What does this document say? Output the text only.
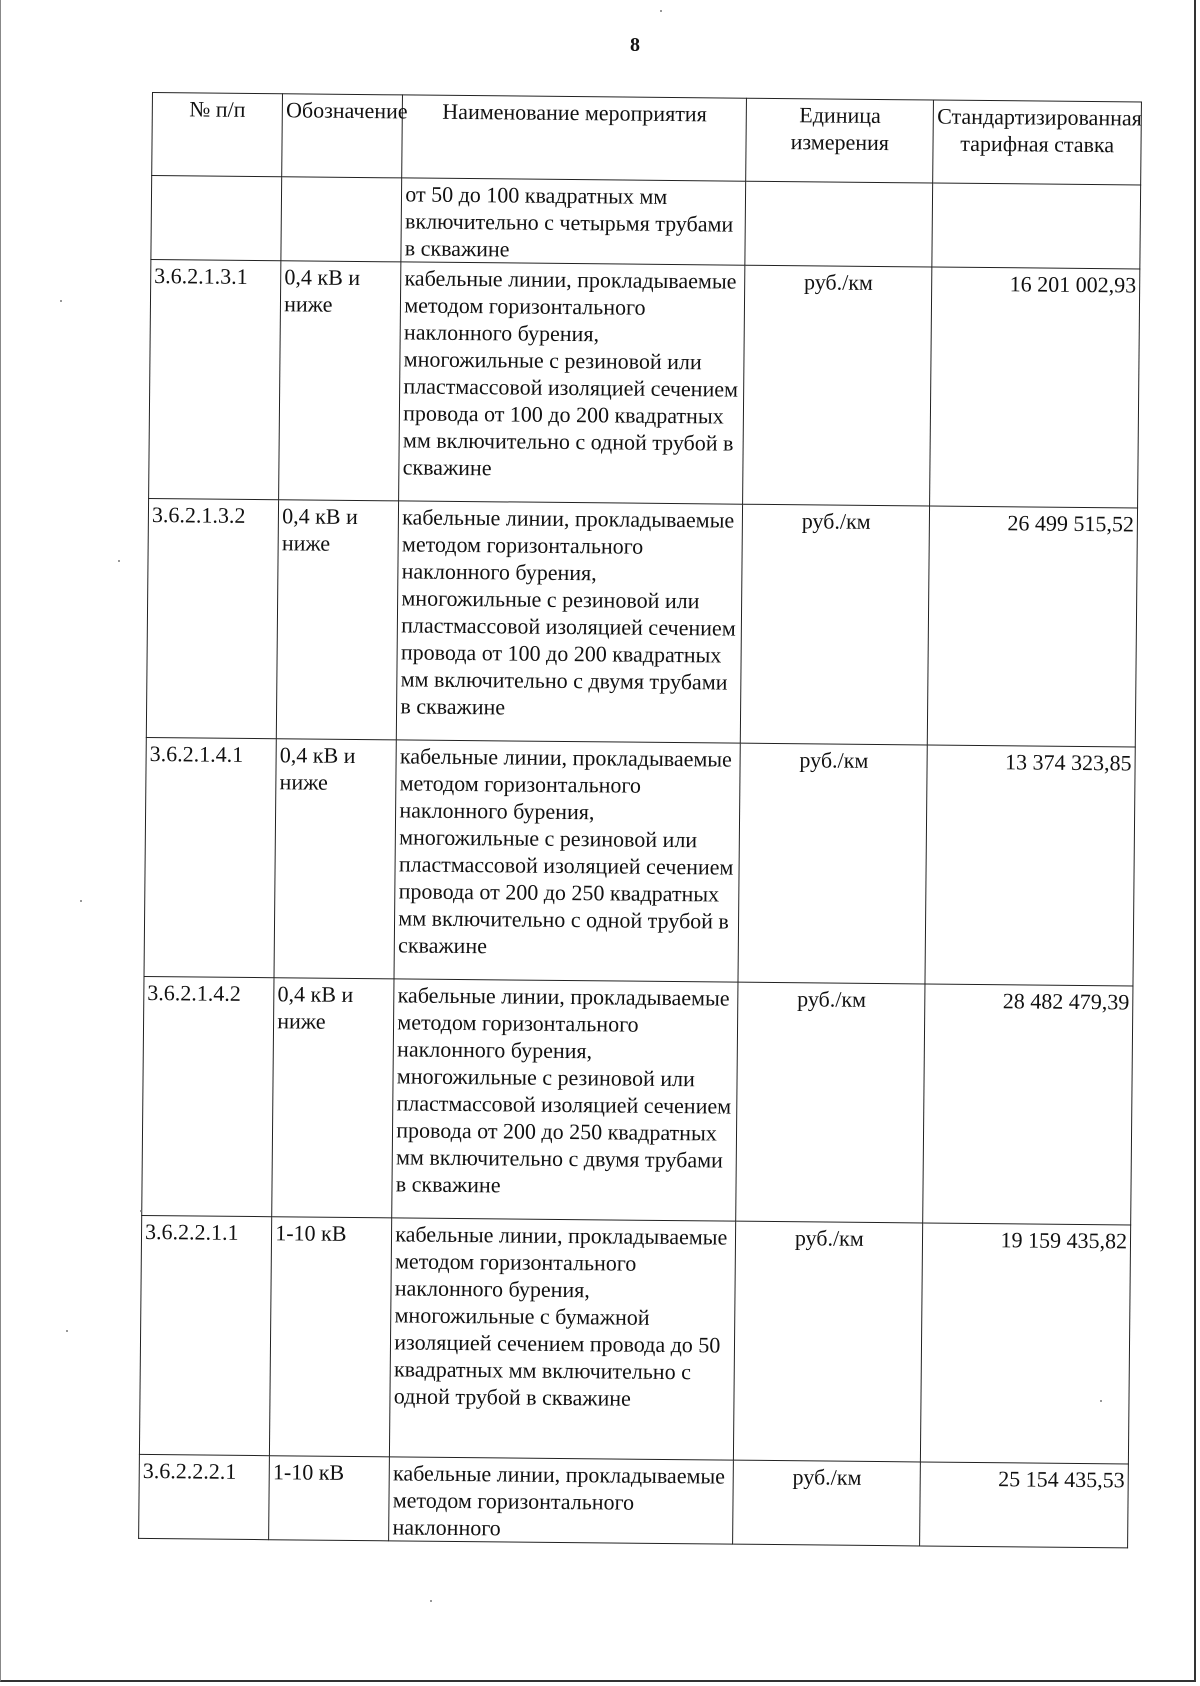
8
№ п/п	Обозначение	Наименование мероприятия	Единица измерения	Стандартизированная тарифная ставка
		от 50 до 100 квадратных мм включительно с четырьмя трубами в скважине		
3.6.2.1.3.1	0,4 кВ и ниже	кабельные линии, прокладываемые методом горизонтального наклонного бурения, многожильные с резиновой или пластмассовой изоляцией сечением провода от 100 до 200 квадратных мм включительно с одной трубой в скважине	руб./км	16 201 002,93
3.6.2.1.3.2	0,4 кВ и ниже	кабельные линии, прокладываемые методом горизонтального наклонного бурения, многожильные с резиновой или пластмассовой изоляцией сечением провода от 100 до 200 квадратных мм включительно с двумя трубами в скважине	руб./км	26 499 515,52
3.6.2.1.4.1	0,4 кВ и ниже	кабельные линии, прокладываемые методом горизонтального наклонного бурения, многожильные с резиновой или пластмассовой изоляцией сечением провода от 200 до 250 квадратных мм включительно с одной трубой в скважине	руб./км	13 374 323,85
3.6.2.1.4.2	0,4 кВ и ниже	кабельные линии, прокладываемые методом горизонтального наклонного бурения, многожильные с резиновой или пластмассовой изоляцией сечением провода от 200 до 250 квадратных мм включительно с двумя трубами в скважине	руб./км	28 482 479,39
3.6.2.2.1.1	1-10 кВ	кабельные линии, прокладываемые методом горизонтального наклонного бурения, многожильные с бумажной изоляцией сечением провода до 50 квадратных мм включительно с одной трубой в скважине	руб./км	19 159 435,82
3.6.2.2.2.1	1-10 кВ	кабельные линии, прокладываемые методом горизонтального наклонного	руб./км	25 154 435,53
